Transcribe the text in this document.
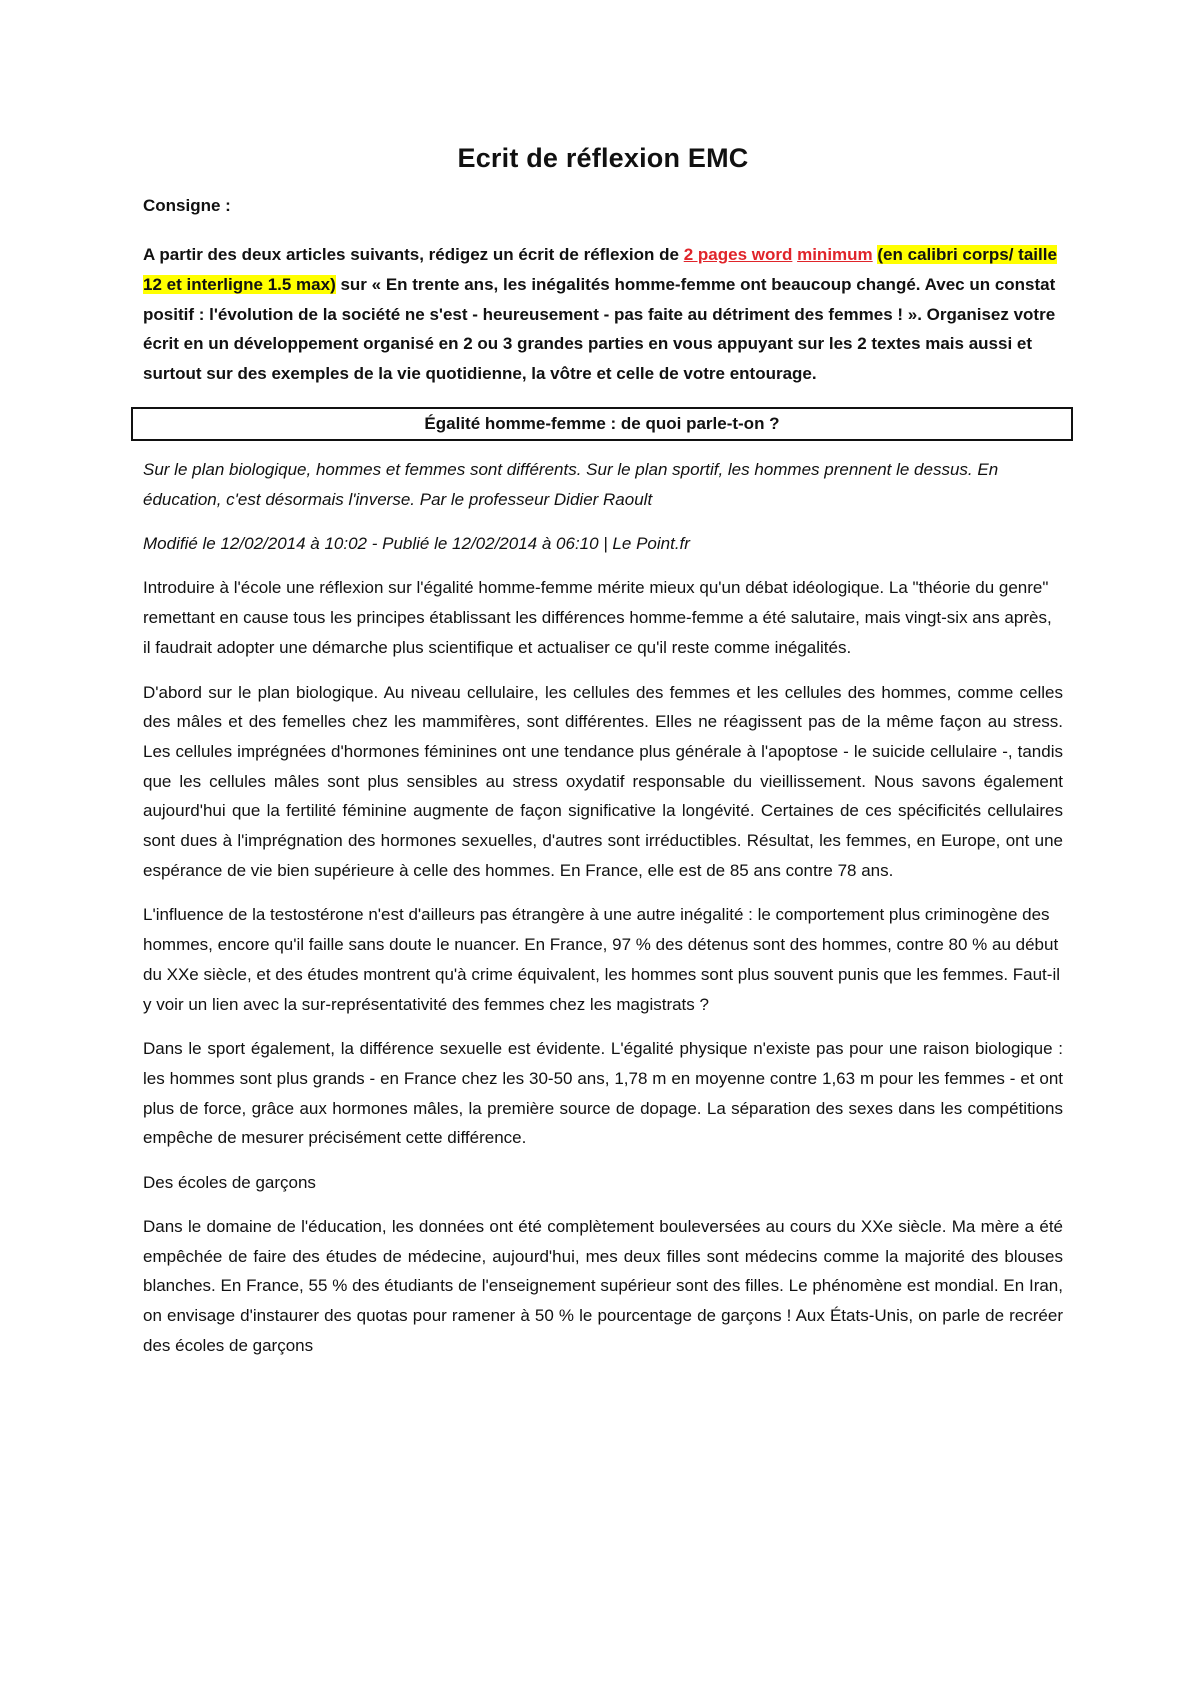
Ecrit de réflexion EMC

Consigne :

A partir des deux articles suivants, rédigez un écrit de réflexion de 2 pages word minimum (en calibri corps/ taille 12 et interligne 1.5 max) sur « En trente ans, les inégalités homme-femme ont beaucoup changé. Avec un constat positif : l'évolution de la société ne s'est - heureusement - pas faite au détriment des femmes ! ». Organisez votre écrit en un développement organisé en 2 ou 3 grandes parties en vous appuyant sur les 2 textes mais aussi et surtout sur des exemples de la vie quotidienne, la vôtre et celle de votre entourage.

Égalité homme-femme : de quoi parle-t-on ?

Sur le plan biologique, hommes et femmes sont différents. Sur le plan sportif, les hommes prennent le dessus. En éducation, c'est désormais l'inverse. Par le professeur Didier Raoult

Modifié le 12/02/2014 à 10:02 - Publié le 12/02/2014 à 06:10 | Le Point.fr

Introduire à l'école une réflexion sur l'égalité homme-femme mérite mieux qu'un débat idéologique. La "théorie du genre" remettant en cause tous les principes établissant les différences homme-femme a été salutaire, mais vingt-six ans après, il faudrait adopter une démarche plus scientifique et actualiser ce qu'il reste comme inégalités.

D'abord sur le plan biologique. Au niveau cellulaire, les cellules des femmes et les cellules des hommes, comme celles des mâles et des femelles chez les mammifères, sont différentes. Elles ne réagissent pas de la même façon au stress. Les cellules imprégnées d'hormones féminines ont une tendance plus générale à l'apoptose - le suicide cellulaire -, tandis que les cellules mâles sont plus sensibles au stress oxydatif responsable du vieillissement. Nous savons également aujourd'hui que la fertilité féminine augmente de façon significative la longévité. Certaines de ces spécificités cellulaires sont dues à l'imprégnation des hormones sexuelles, d'autres sont irréductibles. Résultat, les femmes, en Europe, ont une espérance de vie bien supérieure à celle des hommes. En France, elle est de 85 ans contre 78 ans.

L'influence de la testostérone n'est d'ailleurs pas étrangère à une autre inégalité : le comportement plus criminogène des hommes, encore qu'il faille sans doute le nuancer. En France, 97 % des détenus sont des hommes, contre 80 % au début du XXe siècle, et des études montrent qu'à crime équivalent, les hommes sont plus souvent punis que les femmes. Faut-il y voir un lien avec la sur-représentativité des femmes chez les magistrats ?

Dans le sport également, la différence sexuelle est évidente. L'égalité physique n'existe pas pour une raison biologique : les hommes sont plus grands - en France chez les 30-50 ans, 1,78 m en moyenne contre 1,63 m pour les femmes - et ont plus de force, grâce aux hormones mâles, la première source de dopage. La séparation des sexes dans les compétitions empêche de mesurer précisément cette différence.

Des écoles de garçons

Dans le domaine de l'éducation, les données ont été complètement bouleversées au cours du XXe siècle. Ma mère a été empêchée de faire des études de médecine, aujourd'hui, mes deux filles sont médecins comme la majorité des blouses blanches. En France, 55 % des étudiants de l'enseignement supérieur sont des filles. Le phénomène est mondial. En Iran, on envisage d'instaurer des quotas pour ramener à 50 % le pourcentage de garçons ! Aux États-Unis, on parle de recréer des écoles de garçons
